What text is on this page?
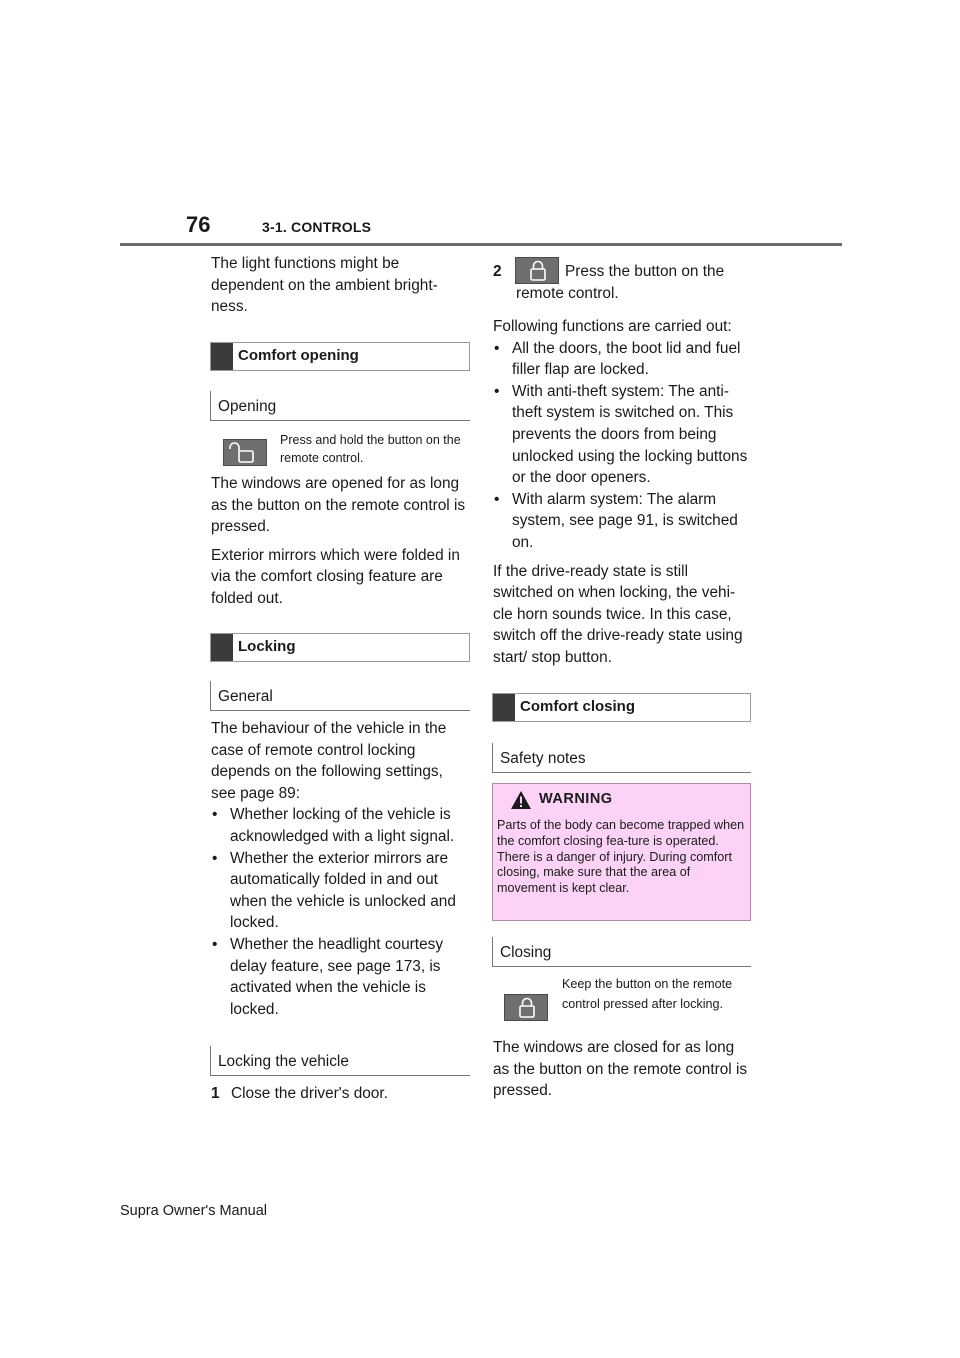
76	3-1. CONTROLS

The light functions might be dependent on the ambient bright-ness.

Comfort opening
Opening
Press and hold the button on the remote control.

The windows are opened for as long as the button on the remote control is pressed.

Exterior mirrors which were folded in via the comfort closing feature are folded out.

Locking
General

The behaviour of the vehicle in the case of remote control locking depends on the following settings, see page 89:

• Whether locking of the vehicle is acknowledged with a light signal.
• Whether the exterior mirrors are automatically folded in and out when the vehicle is unlocked and locked.
• Whether the headlight courtesy delay feature, see page 173, is activated when the vehicle is locked.
Locking the vehicle
1 Close the driver's door.
2	Press the button on the remote control.

Following functions are carried out:

• All the doors, the boot lid and fuel filler flap are locked.
• With anti-theft system: The anti-theft system is switched on. This prevents the doors from being unlocked using the locking buttons or the door openers.
• With alarm system: The alarm system, see page 91, is switched on.

If the drive-ready state is still switched on when locking, the vehi-cle horn sounds twice. In this case, switch off the drive-ready state using start/ stop button.

Comfort closing
Safety notes
WARNING
Parts of the body can become trapped when the comfort closing fea-ture is operated. There is a danger of injury. During comfort closing, make sure that the area of movement is kept clear.
Closing
Keep the button on the remote control pressed after locking.

The windows are closed for as long as the button on the remote control is pressed.

Supra Owner's Manual
